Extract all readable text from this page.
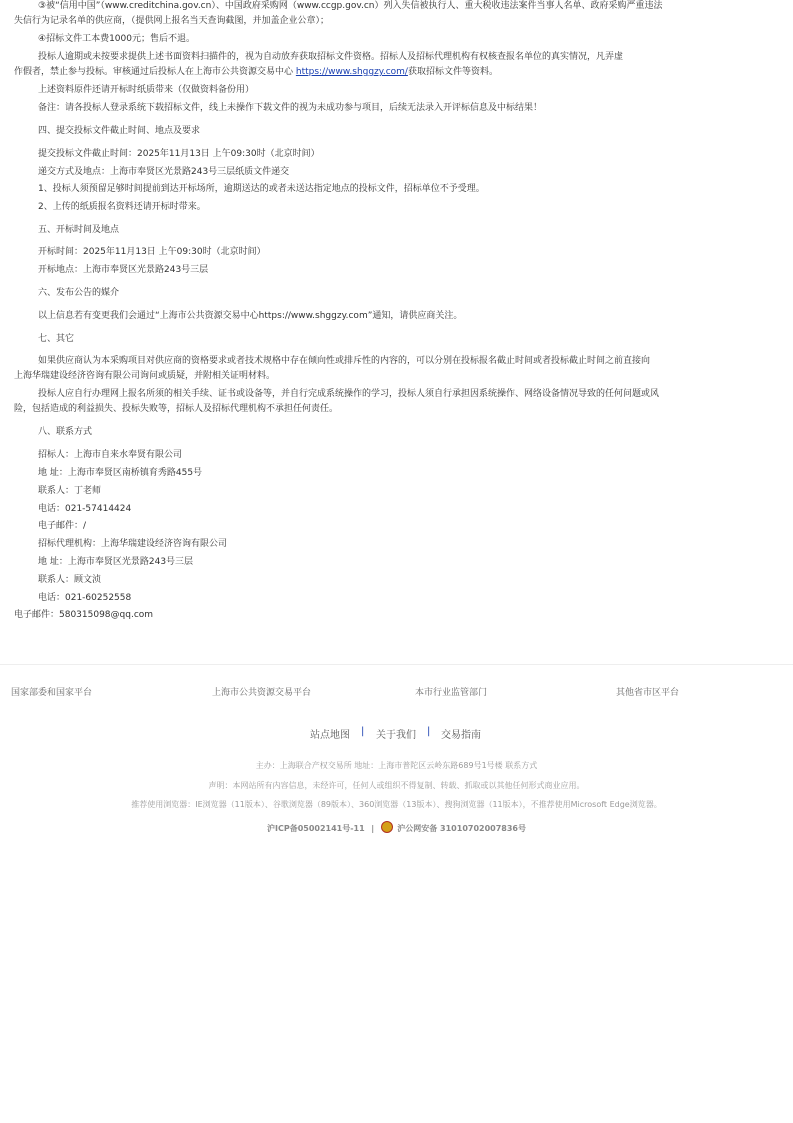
③被“信用中国”（www.creditchina.gov.cn）、中国政府采购网（www.ccgp.gov.cn）列入失信被执行人、重大税收违法案件当事人名单、政府采购严重违法
失信行为记录名单的供应商，（提供网上报名当天查询截图，并加盖企业公章）；
④招标文件工本费1000元；售后不退。
投标人逾期或未按要求提供上述书面资料扫描件的，视为自动放弃获取招标文件资格。招标人及招标代理机构有权核查报名单位的真实情况，凡弄虚
作假者，禁止参与投标。审核通过后投标人在上海市公共资源交易中心 https://www.shggzy.com/获取招标文件等资料。
上述资料原件还请开标时纸质带来（仅做资料备份用）
备注：请各投标人登录系统下载招标文件，线上未操作下载文件的视为未成功参与项目，后续无法录入开评标信息及中标结果！
四、提交投标文件截止时间、地点及要求
提交投标文件截止时间：2025年11月13日 上午09:30时（北京时间）
递交方式及地点：上海市奉贤区光景路243号三层纸质文件递交
1、投标人须预留足够时间提前到达开标场所，逾期送达的或者未送达指定地点的投标文件，招标单位不予受理。
2、上传的纸质报名资料还请开标时带来。
五、开标时间及地点
开标时间：2025年11月13日 上午09:30时（北京时间）
开标地点：上海市奉贤区光景路243号三层
六、发布公告的媒介
以上信息若有变更我们会通过“上海市公共资源交易中心https://www.shggzy.com”通知，请供应商关注。
七、其它
如果供应商认为本采购项目对供应商的资格要求或者技术规格中存在倾向性或排斥性的内容的，可以分别在投标报名截止时间或者投标截止时间之前直接向
上海华瑞建设经济咨询有限公司询问或质疑，并附相关证明材料。
投标人应自行办理网上报名所须的相关手续、证书或设备等，并自行完成系统操作的学习，投标人须自行承担因系统操作、网络设备情况导致的任何问题或风
险，包括造成的利益损失、投标失败等，招标人及招标代理机构不承担任何责任。
八、联系方式
招标人：上海市自来水奉贤有限公司
地 址：上海市奉贤区南桥镇育秀路455号
联系人：丁老师
电话：021-57414424
电子邮件：/
招标代理机构：上海华瑞建设经济咨询有限公司
地 址：上海市奉贤区光景路243号三层
联系人：顾文浈
电话：021-60252558
电子邮件：580315098@qq.com
国家部委和国家平台	上海市公共资源交易平台	本市行业监管部门	其他省市区平台
站点地图 | 关于我们 | 交易指南
主办：上海联合产权交易所 地址：上海市普陀区云岭东路689号1号楼 联系方式
声明：本网站所有内容信息，未经许可，任何人或组织不得复制、转载、抓取或以其他任何形式商业应用。
推荐使用浏览器：IE浏览器（11版本）、谷歌浏览器（89版本）、360浏览器（13版本）、搜狗浏览器（11版本），不推荐使用Microsoft Edge浏览器。
沪ICP备05002141号-11 |	沪公网安备 31010702007836号
